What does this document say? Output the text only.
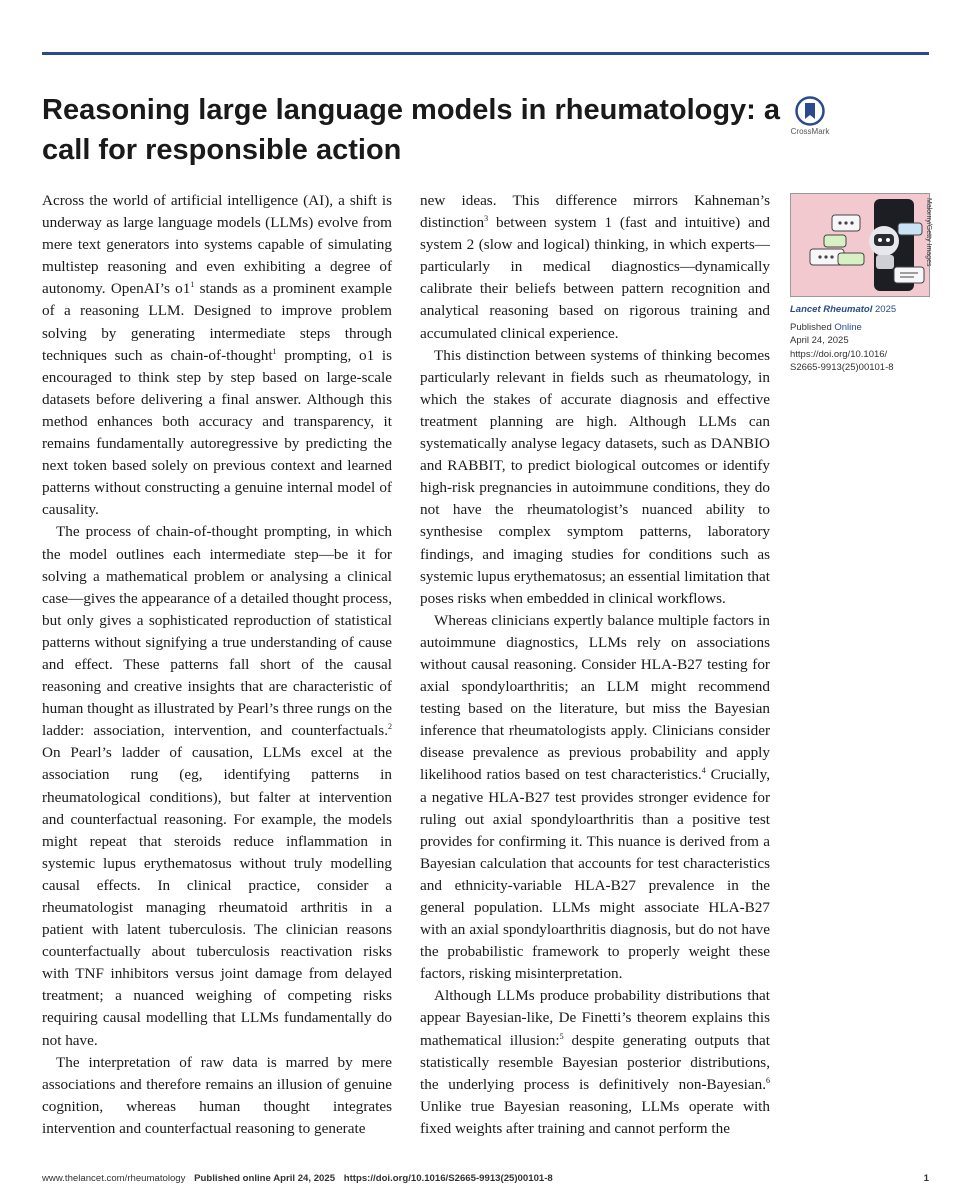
Reasoning large language models in rheumatology: a call for responsible action
CrossMark

Across the world of artificial intelligence (AI), a shift is underway as large language models (LLMs) evolve from mere text generators into systems capable of simulating multistep reasoning and even exhibiting a degree of autonomy. OpenAI’s $o1^1$ stands as a prominent example of a reasoning LLM. Designed to improve problem solving by generating intermediate steps through techniques such as chain-of-thought$^1$ prompting, o1 is encouraged to think step by step based on large-scale datasets before delivering a final answer. Although this method enhances both accuracy and transparency, it remains fundamentally autoregressive by predicting the next token based solely on previous context and learned patterns without constructing a genuine internal model of causality.

The process of chain-of-thought prompting, in which the model outlines each intermediate step—be it for solving a mathematical problem or analysing a clinical case—gives the appearance of a detailed thought process, but only gives a sophisticated reproduction of statistical patterns without signifying a true understanding of cause and effect. These patterns fall short of the causal reasoning and creative insights that are characteristic of human thought as illustrated by Pearl’s three rungs on the ladder: association, intervention, and counterfactuals.$^2$ On Pearl’s ladder of causation, LLMs excel at the association rung (eg, identifying patterns in rheumatological conditions), but falter at intervention and counterfactual reasoning. For example, the models might repeat that steroids reduce inflammation in systemic lupus erythematosus without truly modelling causal effects. In clinical practice, consider a rheumatologist managing rheumatoid arthritis in a patient with latent tuberculosis. The clinician reasons counterfactually about tuberculosis reactivation risks with TNF inhibitors versus joint damage from delayed treatment; a nuanced weighing of competing risks requiring causal modelling that LLMs fundamentally do not have.

The interpretation of raw data is marred by mere associations and therefore remains an illusion of genuine cognition, whereas human thought integrates intervention and counterfactual reasoning to generate

new ideas. This difference mirrors Kahneman’s distinction$^3$ between system 1 (fast and intuitive) and system 2 (slow and logical) thinking, in which experts—particularly in medical diagnostics—dynamically calibrate their beliefs between pattern recognition and analytical reasoning based on rigorous training and accumulated clinical experience.

This distinction between systems of thinking becomes particularly relevant in fields such as rheumatology, in which the stakes of accurate diagnosis and effective treatment planning are high. Although LLMs can systematically analyse legacy datasets, such as DANBIO and RABBIT, to predict biological outcomes or identify high-risk pregnancies in autoimmune conditions, they do not have the rheumatologist’s nuanced ability to synthesise complex symptom patterns, laboratory findings, and imaging studies for conditions such as systemic lupus erythematosus; an essential limitation that poses risks when embedded in clinical workflows.

Whereas clinicians expertly balance multiple factors in autoimmune diagnostics, LLMs rely on associations without causal reasoning. Consider HLA-B27 testing for axial spondyloarthritis; an LLM might recommend testing based on the literature, but miss the Bayesian inference that rheumatologists apply. Clinicians consider disease prevalence as previous probability and apply likelihood ratios based on test characteristics.$^4$ Crucially, a negative HLA-B27 test provides stronger evidence for ruling out axial spondyloarthritis than a positive test provides for confirming it. This nuance is derived from a Bayesian calculation that accounts for test characteristics and ethnicity-variable HLA-B27 prevalence in the general population. LLMs might associate HLA-B27 with an axial spondyloarthritis diagnosis, but do not have the probabilistic framework to properly weight these factors, risking misinterpretation.

Although LLMs produce probability distributions that appear Bayesian-like, De Finetti’s theorem explains this mathematical illusion:$^5$ despite generating outputs that statistically resemble Bayesian posterior distributions, the underlying process is definitively non-Bayesian.$^6$ Unlike true Bayesian reasoning, LLMs operate with fixed weights after training and cannot perform the

Lancet Rheumatol 2025
Published Online
April 24, 2025
https://doi.org/10.1016/
S2665-9913(25)00101-8
Malorny/Getty Images
www.thelancet.com/rheumatology Published online April 24, 2025 https://doi.org/10.1016/S2665-9913(25)00101-8	1
